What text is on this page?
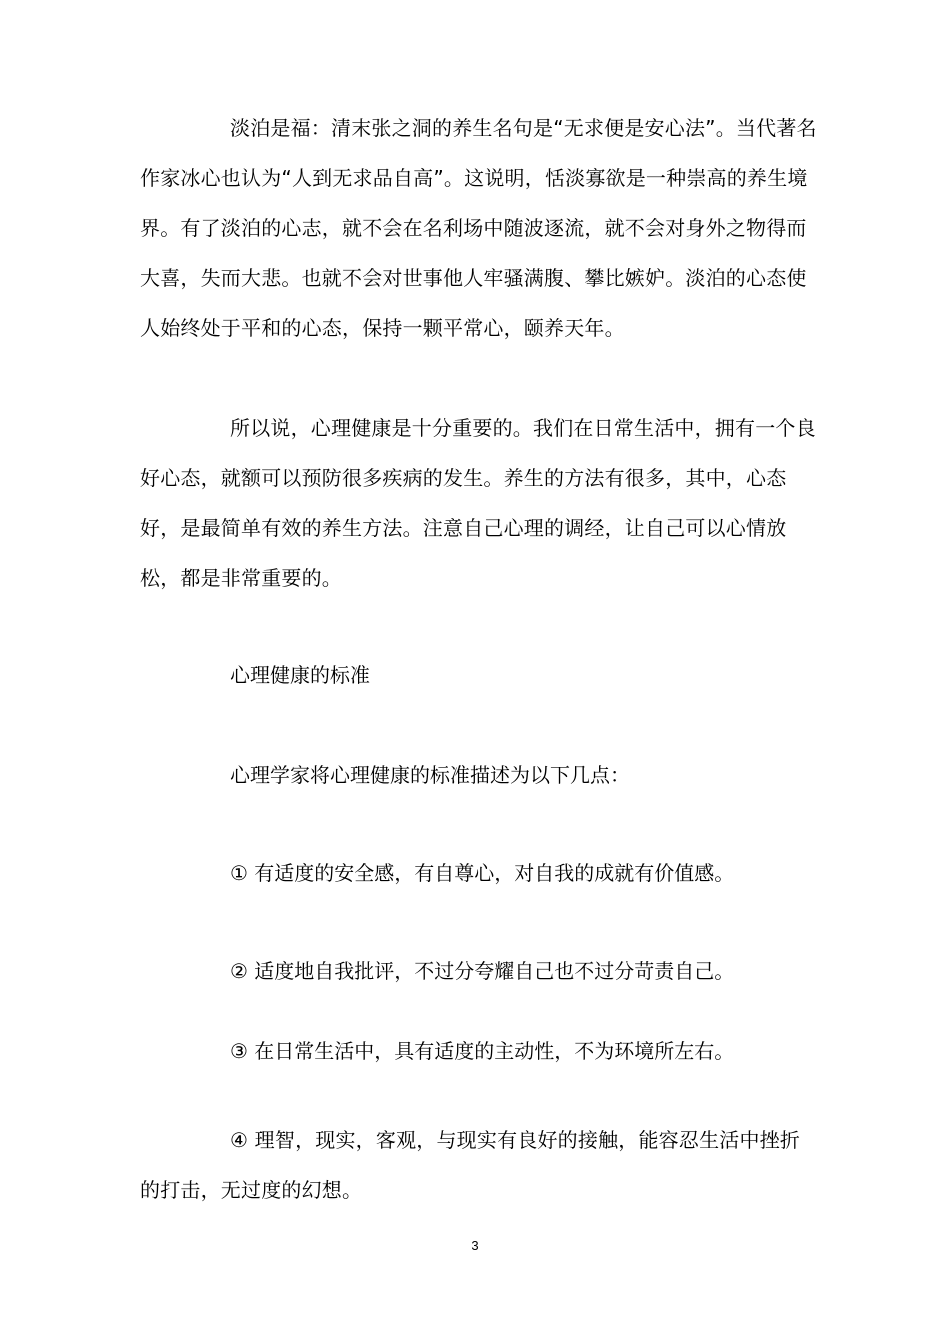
淡泊是福：清末张之洞的养生名句是“无求便是安心法”。当代著名作家冰心也认为“人到无求品自高”。这说明，恬淡寡欲是一种崇高的养生境界。有了淡泊的心志，就不会在名利场中随波逐流，就不会对身外之物得而大喜，失而大悲。也就不会对世事他人牢骚满腹、攀比嫉妒。淡泊的心态使人始终处于平和的心态，保持一颗平常心，颐养天年。

所以说，心理健康是十分重要的。我们在日常生活中，拥有一个良好心态，就额可以预防很多疾病的发生。养生的方法有很多，其中，心态好，是最简单有效的养生方法。注意自己心理的调经，让自己可以心情放松，都是非常重要的。

心理健康的标准
心理学家将心理健康的标准描述为以下几点：
① 有适度的安全感，有自尊心，对自我的成就有价值感。
② 适度地自我批评，不过分夸耀自己也不过分苛责自己。
③ 在日常生活中，具有适度的主动性，不为环境所左右。

④ 理智，现实，客观，与现实有良好的接触，能容忍生活中挫折的打击，无过度的幻想。

3
